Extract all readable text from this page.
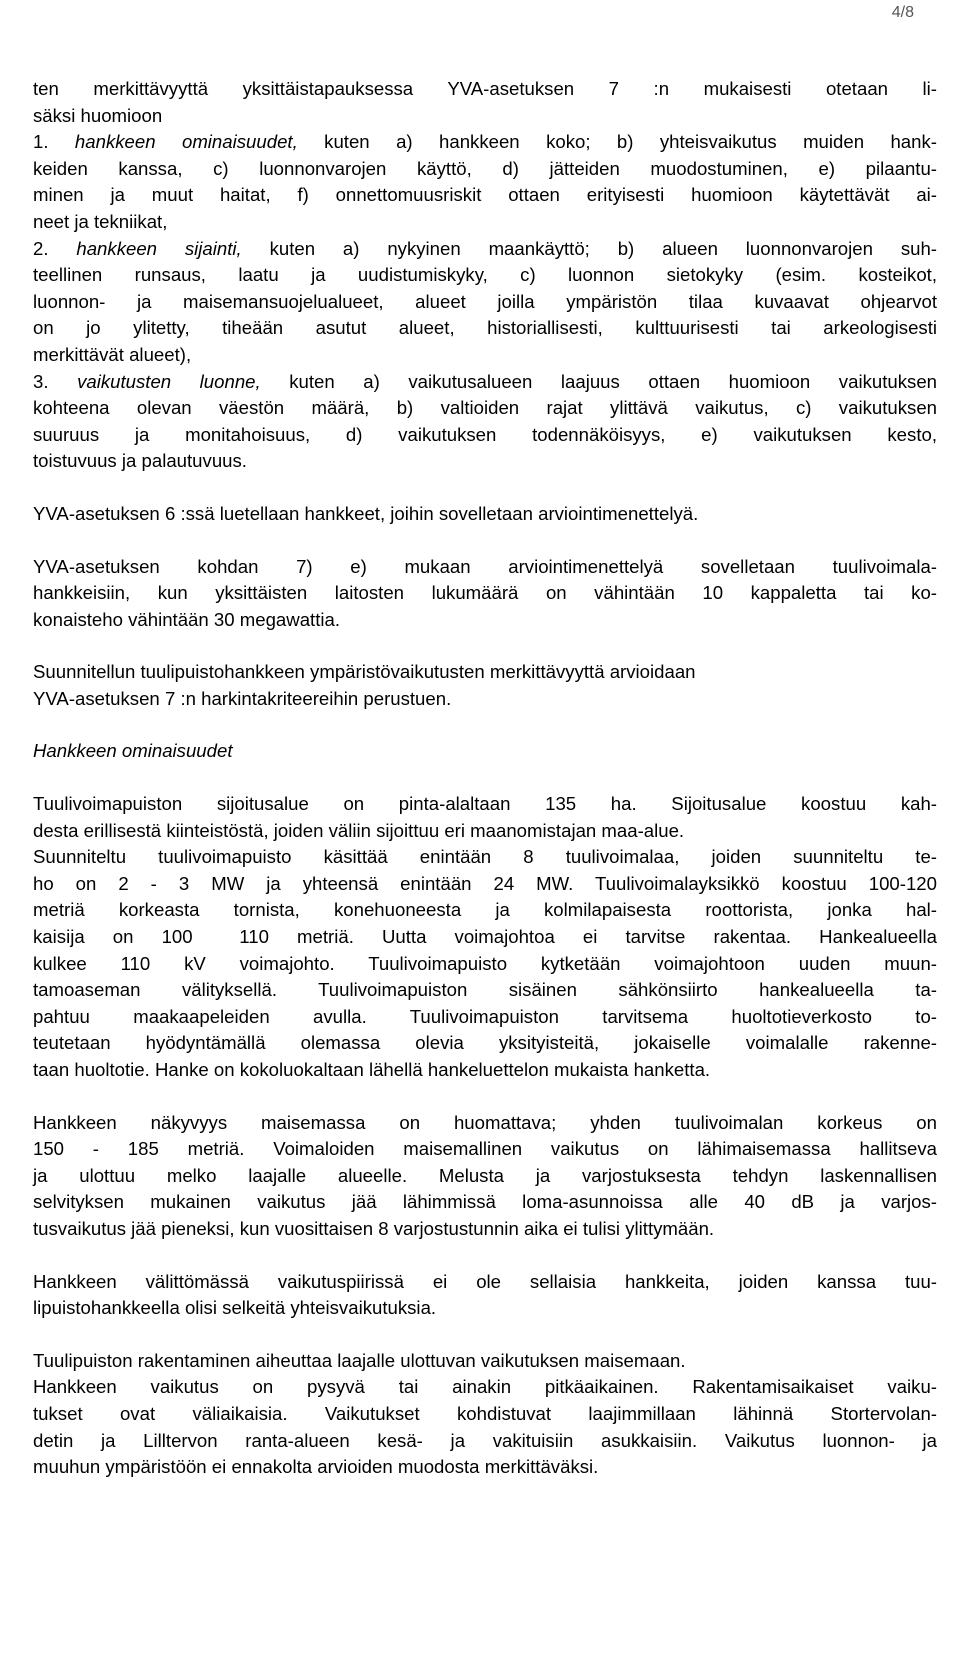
4/8

ten merkittävyyttä yksittäistapauksessa YVA-asetuksen 7 :n mukaisesti otetaan li-
säksi huomioon

1. hankkeen ominaisuudet, kuten a) hankkeen koko; b) yhteisvaikutus muiden hank-
keiden kanssa, c) luonnonvarojen käyttö, d) jätteiden muodostuminen, e) pilaantu-
minen ja muut haitat, f) onnettomuusriskit ottaen erityisesti huomioon käytettävät ai-
neet ja tekniikat,

2. hankkeen sijainti, kuten a) nykyinen maankäyttö; b) alueen luonnonvarojen suh-
teellinen runsaus, laatu ja uudistumiskyky, c) luonnon sietokyky (esim. kosteikot,
luonnon- ja maisemansuojelualueet, alueet joilla ympäristön tilaa kuvaavat ohjearvot
on jo ylitetty, tiheään asutut alueet, historiallisesti, kulttuurisesti tai arkeologisesti
merkittävät alueet),

3. vaikutusten luonne, kuten a) vaikutusalueen laajuus ottaen huomioon vaikutuksen
kohteena olevan väestön määrä, b) valtioiden rajat ylittävä vaikutus, c) vaikutuksen
suuruus ja monitahoisuus, d) vaikutuksen todennäköisyys, e) vaikutuksen kesto,
toistuvuus ja palautuvuus.

YVA-asetuksen 6 :ssä luetellaan hankkeet, joihin sovelletaan arviointimenettelyä.

YVA-asetuksen kohdan 7) e) mukaan arviointimenettelyä sovelletaan tuulivoimala-
hankkeisiin, kun yksittäisten laitosten lukumäärä on vähintään 10 kappaletta tai ko-
konaisteho vähintään 30 megawattia.

Suunnitellun tuulipuistohankkeen ympäristövaikutusten merkittävyyttä arvioidaan
YVA-asetuksen 7 :n harkintakriteereihin perustuen.

Hankkeen ominaisuudet

Tuulivoimapuiston sijoitusalue on pinta-alaltaan 135 ha. Sijoitusalue koostuu kah-
desta erillisestä kiinteistöstä, joiden väliin sijoittuu eri maanomistajan maa-alue.
Suunniteltu tuulivoimapuisto käsittää enintään 8 tuulivoimalaa, joiden suunniteltu te-
ho on 2 - 3 MW ja yhteensä enintään 24 MW. Tuulivoimalayksikkö koostuu 100-120
metriä korkeasta tornista, konehuoneesta ja kolmilapaisesta roottorista, jonka hal-
kaisija on 100  110 metriä. Uutta voimajohtoa ei tarvitse rakentaa. Hankealueella
kulkee 110 kV voimajohto. Tuulivoimapuisto kytketään voimajohtoon uuden muun-
tamoaseman välityksellä. Tuulivoimapuiston sisäinen sähkönsiirto hankealueella ta-
pahtuu maakaapeleiden avulla. Tuulivoimapuiston tarvitsema huoltotieverkosto to-
teutetaan hyödyntämällä olemassa olevia yksityisteitä, jokaiselle voimalalle rakenne-
taan huoltotie. Hanke on kokoluokaltaan lähellä hankeluettelon mukaista hanketta.

Hankkeen näkyvyys maisemassa on huomattava; yhden tuulivoimalan korkeus on
150 - 185 metriä. Voimaloiden maisemallinen vaikutus on lähimaisemassa hallitseva
ja ulottuu melko laajalle alueelle. Melusta ja varjostuksesta tehdyn laskennallisen
selvityksen mukainen vaikutus jää lähimmissä loma-asunnoissa alle 40 dB ja varjos-
tusvaikutus jää pieneksi, kun vuosittaisen 8 varjostustunnin aika ei tulisi ylittymään.

Hankkeen välittömässä vaikutuspiirissä ei ole sellaisia hankkeita, joiden kanssa tuu-
lipuistohankkeella olisi selkeitä yhteisvaikutuksia.

Tuulipuiston rakentaminen aiheuttaa laajalle ulottuvan vaikutuksen maisemaan.
Hankkeen vaikutus on pysyvä tai ainakin pitkäaikainen. Rakentamisaikaiset vaiku-
tukset ovat väliaikaisia. Vaikutukset kohdistuvat laajimmillaan lähinnä Stortervolan-
detin ja Lilltervon ranta-alueen kesä- ja vakituisiin asukkaisiin. Vaikutus luonnon- ja
muuhun ympäristöön ei ennakolta arvioiden muodosta merkittäväksi.
